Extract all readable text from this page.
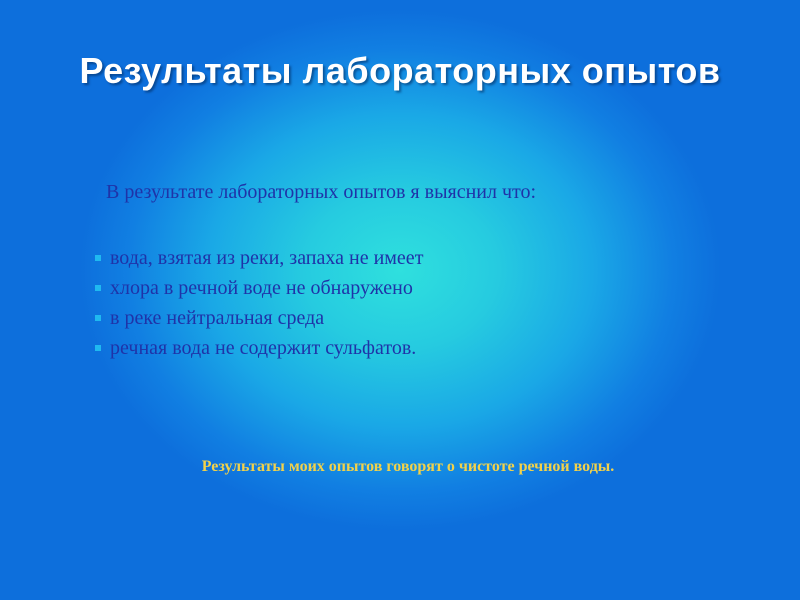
Результаты лабораторных опытов
В результате лабораторных опытов я выяснил что:
вода, взятая из реки, запаха не имеет
хлора в речной воде не обнаружено
в реке нейтральная среда
речная вода не содержит сульфатов.
Результаты моих опытов говорят о чистоте речной воды.
